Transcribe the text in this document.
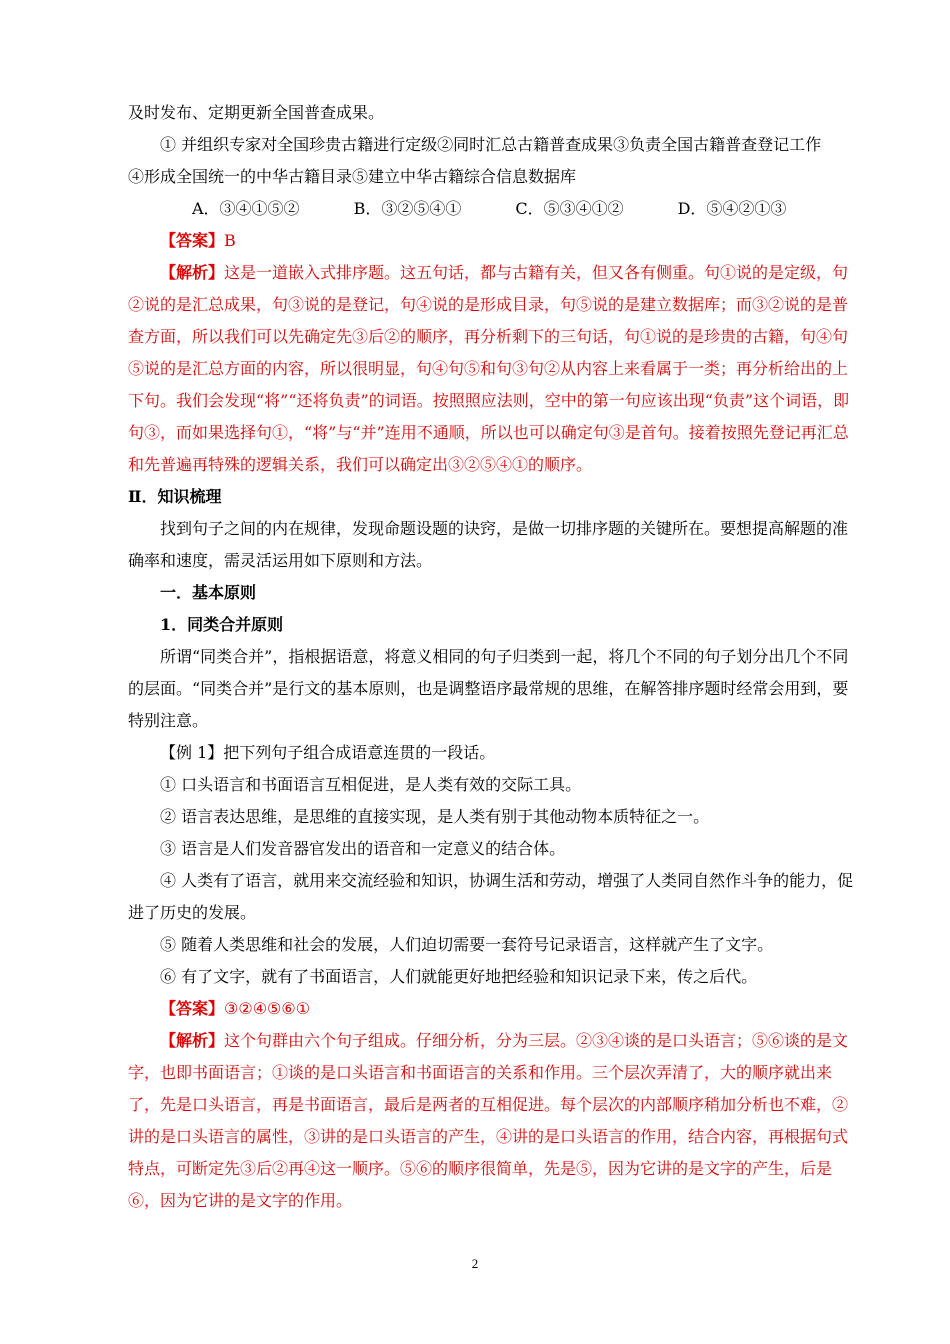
及时发布、定期更新全国普查成果。

① 并组织专家对全国珍贵古籍进行定级②同时汇总古籍普查成果③负责全国古籍普查登记工作

④形成全国统一的中华古籍目录⑤建立中华古籍综合信息数据库

A．③④①⑤②	B．③②⑤④①	C．⑤③④①②	D．⑤④②①③

【答案】B

【解析】这是一道嵌入式排序题。这五句话，都与古籍有关，但又各有侧重。句①说的是定级，句②说的是汇总成果，句③说的是登记，句④说的是形成目录，句⑤说的是建立数据库；而③②说的是普查方面，所以我们可以先确定先③后②的顺序，再分析剩下的三句话，句①说的是珍贵的古籍，句④句⑤说的是汇总方面的内容，所以很明显，句④句⑤和句③句②从内容上来看属于一类；再分析给出的上下句。我们会发现“将”“还将负责”的词语。按照照应法则，空中的第一句应该出现“负责”这个词语，即句③，而如果选择句①，“将”与“并”连用不通顺，所以也可以确定句③是首句。接着按照先登记再汇总和先普遍再特殊的逻辑关系，我们可以确定出③②⑤④①的顺序。

Ⅱ．知识梳理

找到句子之间的内在规律，发现命题设题的诀窍，是做一切排序题的关键所在。要想提高解题的准确率和速度，需灵活运用如下原则和方法。

一．基本原则

1．同类合并原则

所谓“同类合并”，指根据语意，将意义相同的句子归类到一起，将几个不同的句子划分出几个不同的层面。“同类合并”是行文的基本原则，也是调整语序最常规的思维，在解答排序题时经常会用到，要特别注意。

【例 1】把下列句子组合成语意连贯的一段话。

① 口头语言和书面语言互相促进，是人类有效的交际工具。

② 语言表达思维，是思维的直接实现，是人类有别于其他动物本质特征之一。

③ 语言是人们发音器官发出的语音和一定意义的结合体。

④ 人类有了语言，就用来交流经验和知识，协调生活和劳动，增强了人类同自然作斗争的能力，促进了历史的发展。

⑤ 随着人类思维和社会的发展，人们迫切需要一套符号记录语言，这样就产生了文字。

⑥ 有了文字，就有了书面语言，人们就能更好地把经验和知识记录下来，传之后代。

【答案】③②④⑤⑥①

【解析】这个句群由六个句子组成。仔细分析，分为三层。②③④谈的是口头语言；⑤⑥谈的是文字，也即书面语言；①谈的是口头语言和书面语言的关系和作用。三个层次弄清了，大的顺序就出来了，先是口头语言，再是书面语言，最后是两者的互相促进。每个层次的内部顺序稍加分析也不难，②讲的是口头语言的属性，③讲的是口头语言的产生，④讲的是口头语言的作用，结合内容，再根据句式特点，可断定先③后②再④这一顺序。⑤⑥的顺序很简单，先是⑤，因为它讲的是文字的产生，后是⑥，因为它讲的是文字的作用。

2
